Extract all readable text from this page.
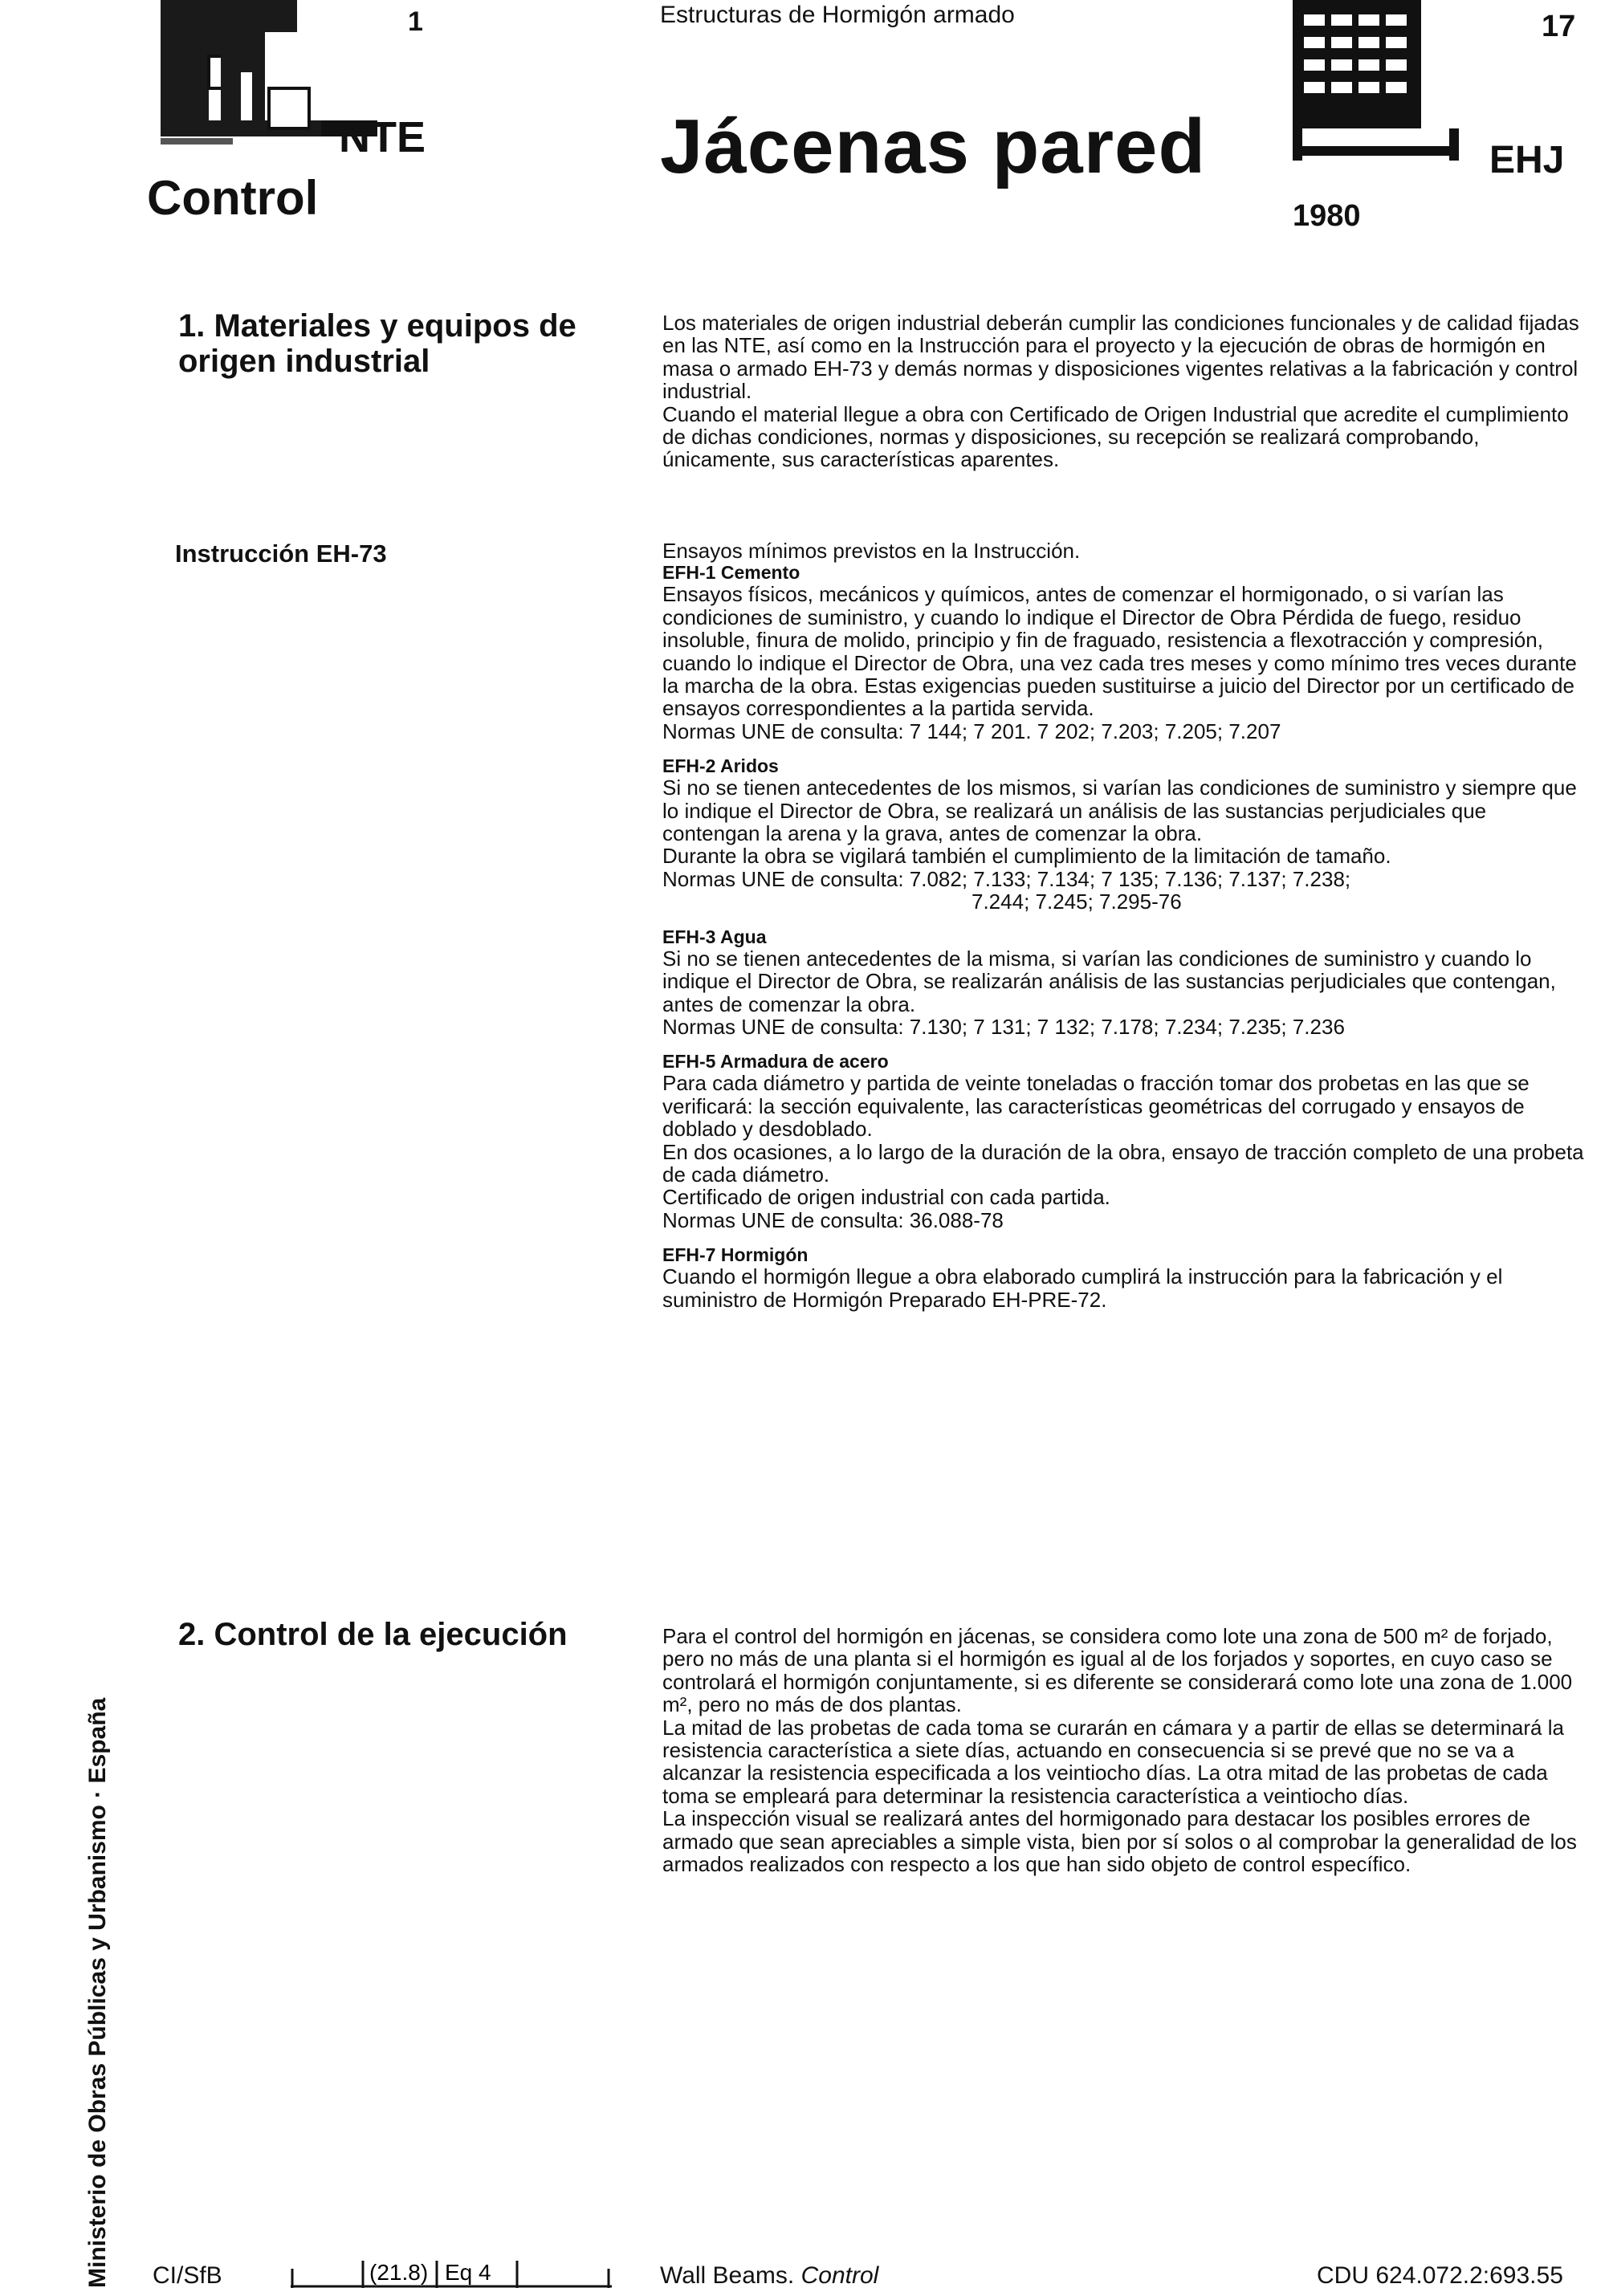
1
NTE
Control
Estructuras de Hormigón armado
Jácenas pared
17
EHJ
1980
1. Materiales y equipos de origen industrial

Los materiales de origen industrial deberán cumplir las condiciones funcionales y de calidad fijadas en las NTE, así como en la Instrucción para el proyecto y la ejecución de obras de hormigón en masa o armado EH-73 y demás normas y disposiciones vigentes relativas a la fabricación y control industrial.

Cuando el material llegue a obra con Certificado de Origen Industrial que acredite el cumplimiento de dichas condiciones, normas y disposiciones, su recepción se realizará comprobando, únicamente, sus características aparentes.

Instrucción EH-73	Ensayos mínimos previstos en la Instrucción.

EFH-1 Cemento

Ensayos físicos, mecánicos y químicos, antes de comenzar el hormigonado, o si varían las condiciones de suministro, y cuando lo indique el Director de Obra Pérdida de fuego, residuo insoluble, finura de molido, principio y fin de fraguado, resistencia a flexotracción y compresión, cuando lo indique el Director de Obra, una vez cada tres meses y como mínimo tres veces durante la marcha de la obra. Estas exigencias pueden sustituirse a juicio del Director por un certificado de ensayos correspondientes a la partida servida.

Normas UNE de consulta: 7 144; 7 201. 7 202; 7.203; 7.205; 7.207

EFH-2 Aridos

Si no se tienen antecedentes de los mismos, si varían las condiciones de suministro y siempre que lo indique el Director de Obra, se realizará un análisis de las sustancias perjudiciales que contengan la arena y la grava, antes de comenzar la obra.

Durante la obra se vigilará también el cumplimiento de la limitación de tamaño.

Normas UNE de consulta: 7.082; 7.133; 7.134; 7 135; 7.136; 7.137; 7.238;

7.244; 7.245; 7.295-76

EFH-3 Agua

Si no se tienen antecedentes de la misma, si varían las condiciones de suministro y cuando lo indique el Director de Obra, se realizarán análisis de las sustancias perjudiciales que contengan, antes de comenzar la obra.

Normas UNE de consulta: 7.130; 7 131; 7 132; 7.178; 7.234; 7.235; 7.236

EFH-5 Armadura de acero

Para cada diámetro y partida de veinte toneladas o fracción tomar dos probetas en las que se verificará: la sección equivalente, las características geométricas del corrugado y ensayos de doblado y desdoblado.

En dos ocasiones, a lo largo de la duración de la obra, ensayo de tracción completo de una probeta de cada diámetro.

Certificado de origen industrial con cada partida.

Normas UNE de consulta: 36.088-78

EFH-7 Hormigón

Cuando el hormigón llegue a obra elaborado cumplirá la instrucción para la fabricación y el suministro de Hormigón Preparado EH-PRE-72.

2. Control de la ejecución	Para el control del hormigón en jácenas, se considera como lote una zona de 500 m² de forjado, pero no más de una planta si el hormigón es igual al de los forjados y soportes, en cuyo caso se controlará el hormigón conjuntamente, si es diferente se considerará como lote una zona de 1.000 m², pero no más de dos plantas.

La mitad de las probetas de cada toma se curarán en cámara y a partir de ellas se determinará la resistencia característica a siete días, actuando en consecuencia si se prevé que no se va a alcanzar la resistencia especificada a los veintiocho días. La otra mitad de las probetas de cada toma se empleará para determinar la resistencia característica a veintiocho días.

La inspección visual se realizará antes del hormigonado para destacar los posibles errores de armado que sean apreciables a simple vista, bien por sí solos o al comprobar la generalidad de los armados realizados con respecto a los que han sido objeto de control específico.

Ministerio de Obras Públicas y Urbanismo · España CI/SfB	(21.8) Eq 4	Wall Beams. Control	CDU 624.072.2:693.55
